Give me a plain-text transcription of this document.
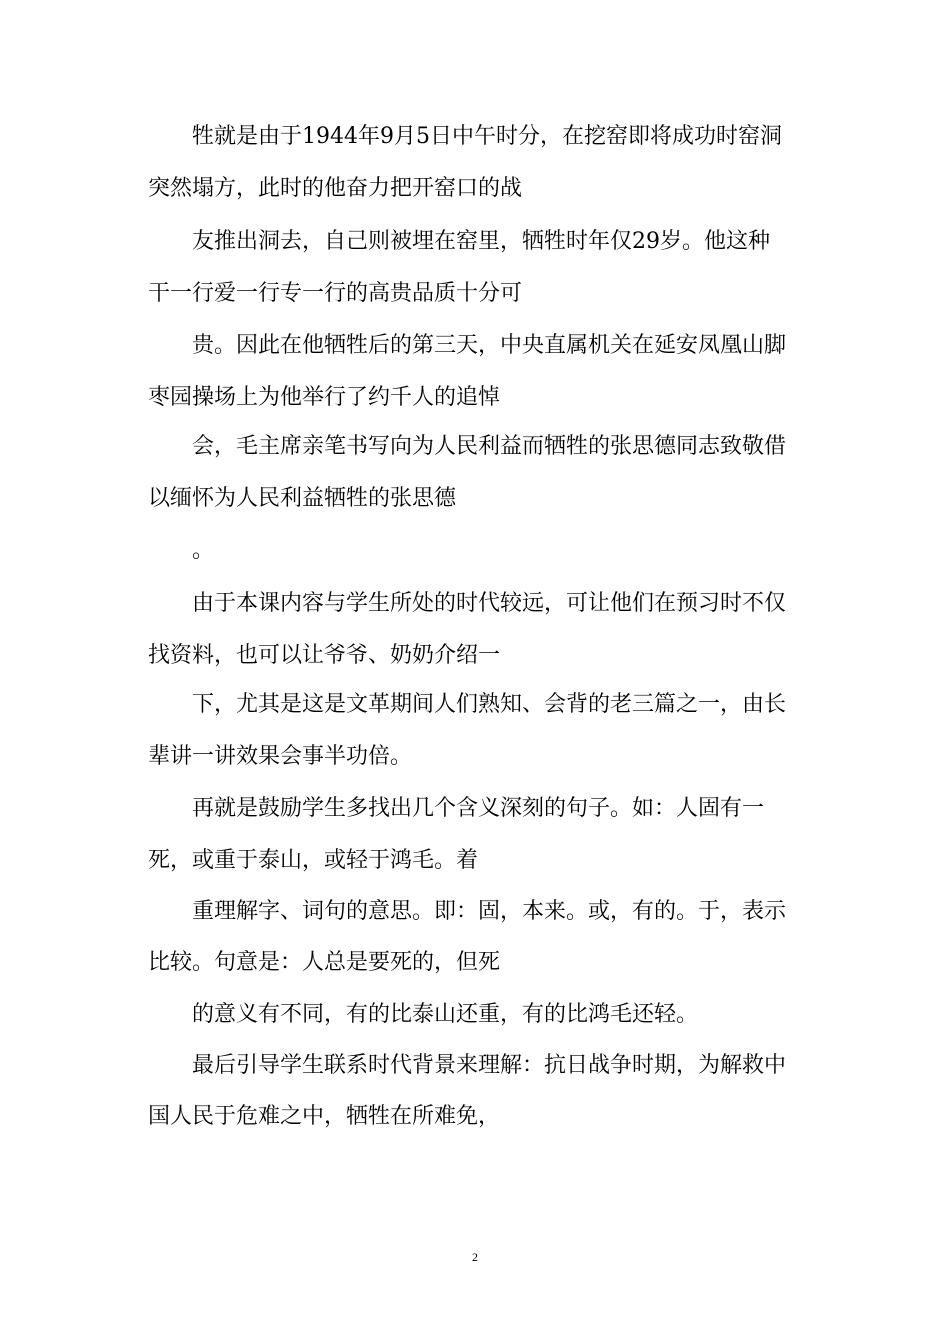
牲就是由于1944年9月5日中午时分，在挖窑即将成功时窑洞
突然塌方，此时的他奋力把开窑口的战
友推出洞去，自己则被埋在窑里，牺牲时年仅29岁。他这种
干一行爱一行专一行的高贵品质十分可
贵。因此在他牺牲后的第三天，中央直属机关在延安凤凰山脚
枣园操场上为他举行了约千人的追悼
会，毛主席亲笔书写向为人民利益而牺牲的张思德同志致敬借
以缅怀为人民利益牺牲的张思德
。
由于本课内容与学生所处的时代较远，可让他们在预习时不仅
找资料，也可以让爷爷、奶奶介绍一
下，尤其是这是文革期间人们熟知、会背的老三篇之一，由长
辈讲一讲效果会事半功倍。
再就是鼓励学生多找出几个含义深刻的句子。如：人固有一
死，或重于泰山，或轻于鸿毛。着
重理解字、词句的意思。即：固，本来。或，有的。于，表示
比较。句意是：人总是要死的，但死
的意义有不同，有的比泰山还重，有的比鸿毛还轻。
最后引导学生联系时代背景来理解：抗日战争时期，为解救中
国人民于危难之中，牺牲在所难免，
2
